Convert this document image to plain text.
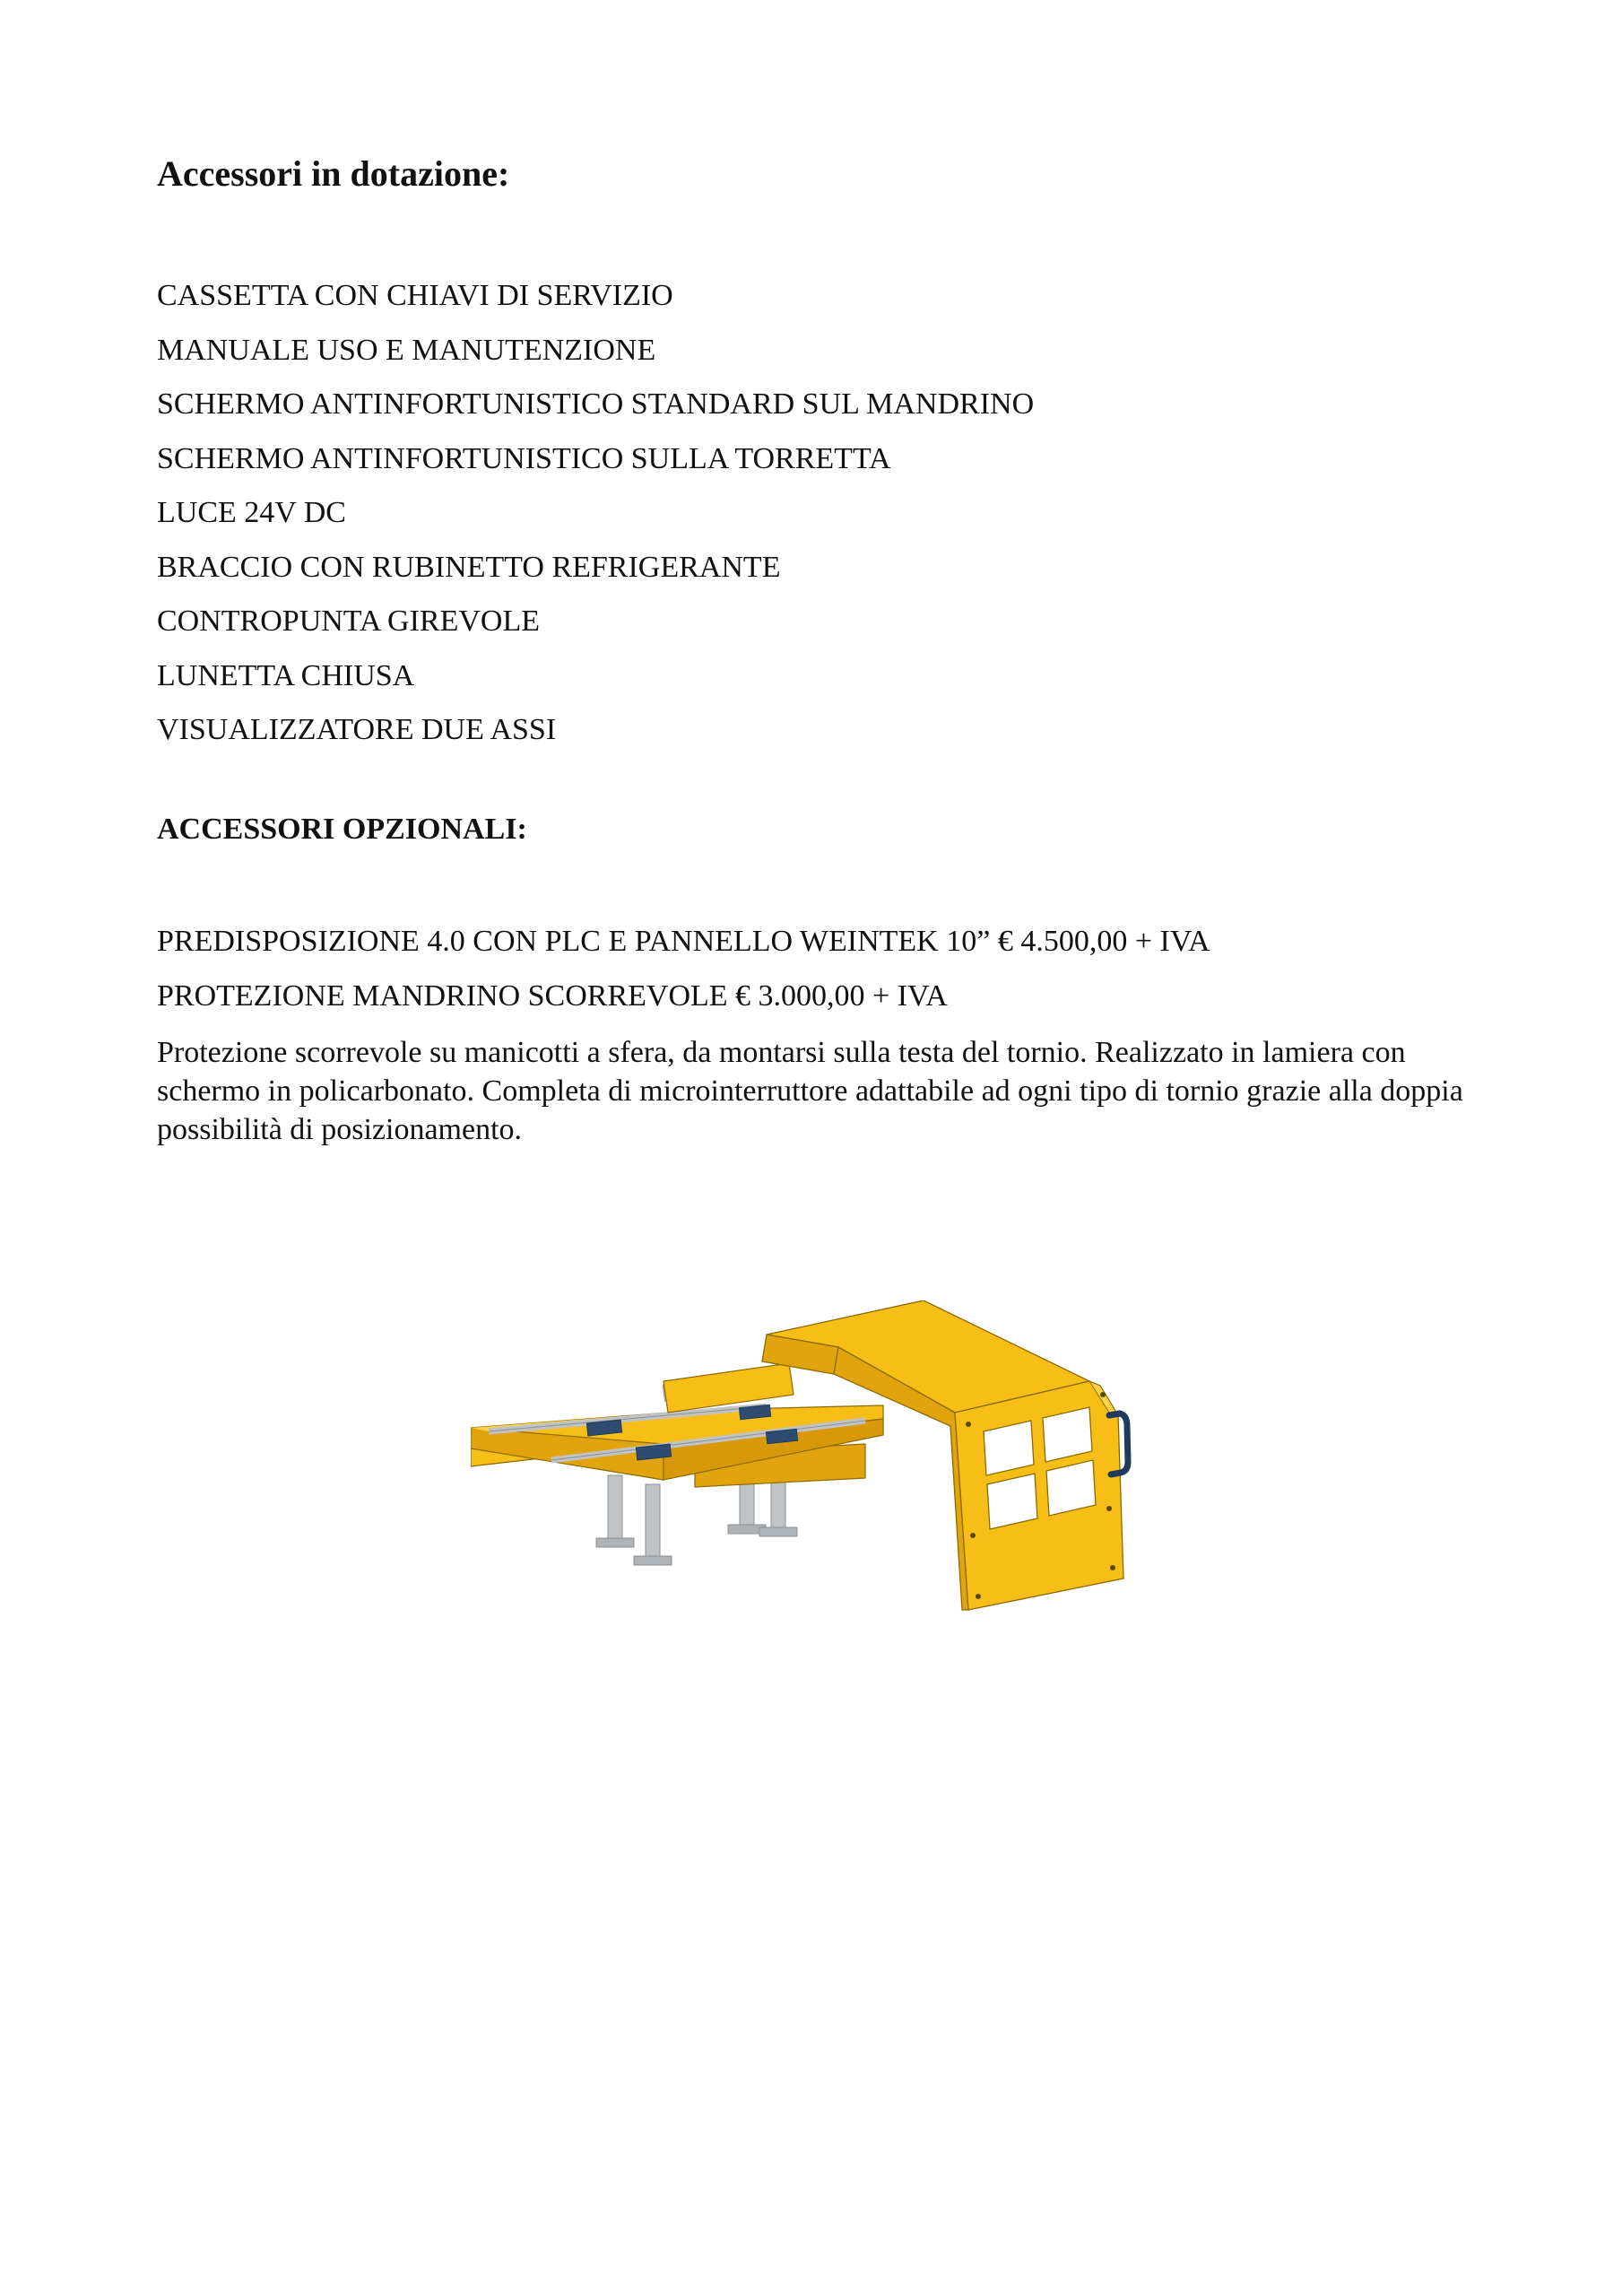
Accessori in dotazione:
CASSETTA CON CHIAVI DI SERVIZIO
MANUALE USO E MANUTENZIONE
SCHERMO ANTINFORTUNISTICO STANDARD SUL MANDRINO
SCHERMO ANTINFORTUNISTICO SULLA TORRETTA
LUCE 24V DC
BRACCIO CON RUBINETTO REFRIGERANTE
CONTROPUNTA GIREVOLE
LUNETTA CHIUSA
VISUALIZZATORE DUE ASSI
ACCESSORI OPZIONALI:
PREDISPOSIZIONE 4.0 CON PLC E PANNELLO WEINTEK 10” € 4.500,00 + IVA
PROTEZIONE MANDRINO SCORREVOLE € 3.000,00 + IVA

Protezione scorrevole su manicotti a sfera, da montarsi sulla testa del tornio. Realizzato in lamiera con schermo in policarbonato. Completa di microinterruttore adattabile ad ogni tipo di tornio grazie alla doppia possibilità di posizionamento.
